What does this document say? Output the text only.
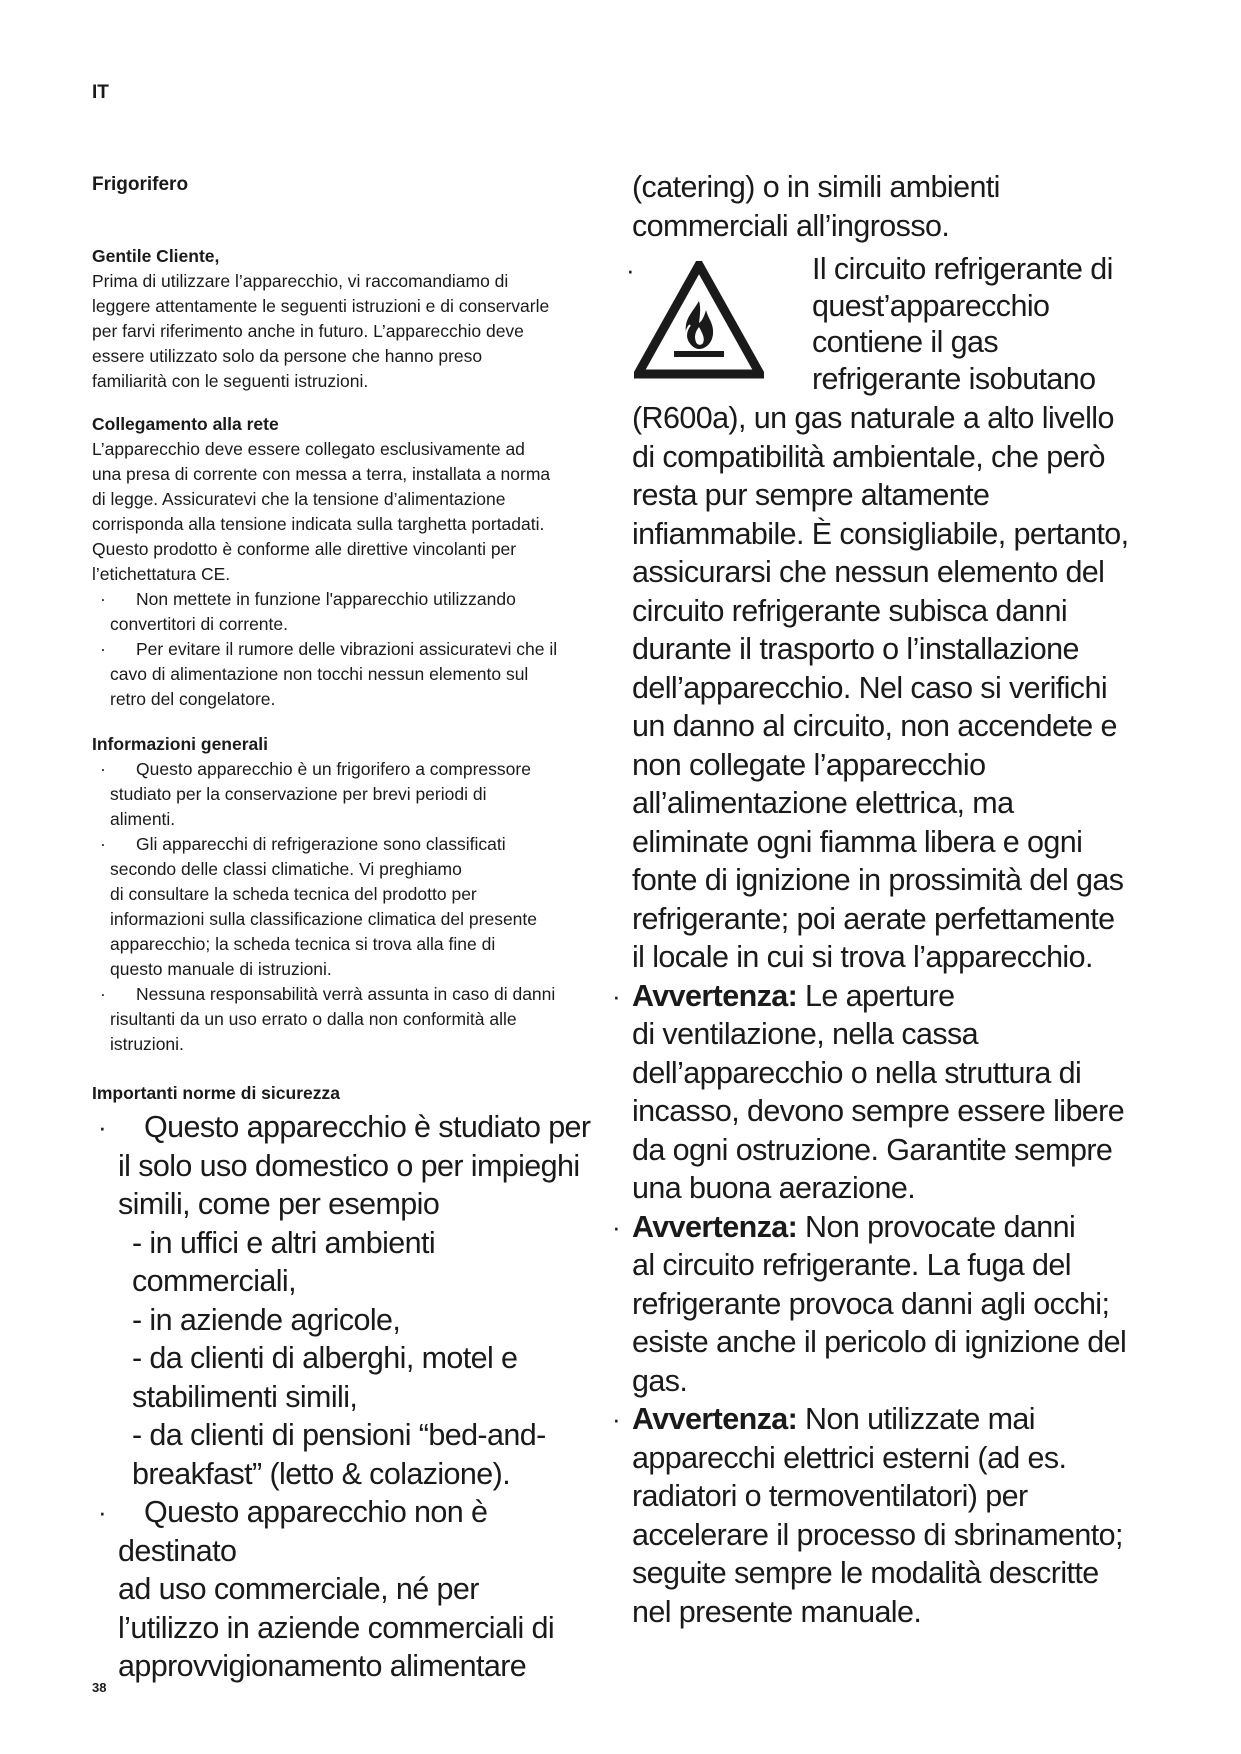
IT
Frigorifero
Gentile Cliente,

Prima di utilizzare l’apparecchio, vi raccomandiamo di

leggere attentamente le seguenti istruzioni e di conservarle

per farvi riferimento anche in futuro. L’apparecchio deve

essere utilizzato solo da persone che hanno preso

familiarità con le seguenti istruzioni.

Collegamento alla rete

L’apparecchio deve essere collegato esclusivamente ad

una presa di corrente con messa a terra, installata a norma

di legge. Assicuratevi che la tensione d’alimentazione

corrisponda alla tensione indicata sulla targhetta portadati.

Questo prodotto è conforme alle direttive vincolanti per

l’etichettatura CE.

·	Non mettete in funzione l'apparecchio utilizzando
convertitori di corrente.
·	Per evitare il rumore delle vibrazioni assicuratevi che il
cavo di alimentazione non tocchi nessun elemento sul
retro del congelatore.
Informazioni generali
·	Questo apparecchio è un frigorifero a compressore
studiato per la conservazione per brevi periodi di
alimenti.
·	Gli apparecchi di refrigerazione sono classificati
secondo delle classi climatiche. Vi preghiamo
di consultare la scheda tecnica del prodotto per
informazioni sulla classificazione climatica del presente
apparecchio; la scheda tecnica si trova alla fine di
questo manuale di istruzioni.
·	Nessuna responsabilità verrà assunta in caso di danni
risultanti da un uso errato o dalla non conformità alle
istruzioni.
Importanti norme di sicurezza
·	Questo apparecchio è studiato per
il solo uso domestico o per impieghi
simili, come per esempio
- in uffici e altri ambienti commerciali,
- in aziende agricole,
- da clienti di alberghi, motel e
stabilimenti simili,
- da clienti di pensioni “bed-and-
breakfast” (letto & colazione).
·	Questo apparecchio non è destinato
ad uso commerciale, né per
l’utilizzo in aziende commerciali di
approvvigionamento alimentare

(catering) o in simili ambienti

commerciali all’ingrosso.

·	Il circuito refrigerante di
quest’apparecchio
contiene il gas
refrigerante isobutano

(R600a), un gas naturale a alto livello

di compatibilità ambientale, che però

resta pur sempre altamente

infiammabile. È consigliabile, pertanto,

assicurarsi che nessun elemento del

circuito refrigerante subisca danni

durante il trasporto o l’installazione

dell’apparecchio. Nel caso si verifichi

un danno al circuito, non accendete e

non collegate l’apparecchio

all’alimentazione elettrica, ma

eliminate ogni fiamma libera e ogni

fonte di ignizione in prossimità del gas

refrigerante; poi aerate perfettamente

il locale in cui si trova l’apparecchio.

· Avvertenza: Le aperture
di ventilazione, nella cassa
dell’apparecchio o nella struttura di
incasso, devono sempre essere libere
da ogni ostruzione. Garantite sempre
una buona aerazione.
· Avvertenza: Non provocate danni
al circuito refrigerante. La fuga del
refrigerante provoca danni agli occhi;
esiste anche il pericolo di ignizione del
gas.
· Avvertenza: Non utilizzate mai
apparecchi elettrici esterni (ad es.
radiatori o termoventilatori) per
accelerare il processo di sbrinamento;
seguite sempre le modalità descritte
nel presente manuale.
38
